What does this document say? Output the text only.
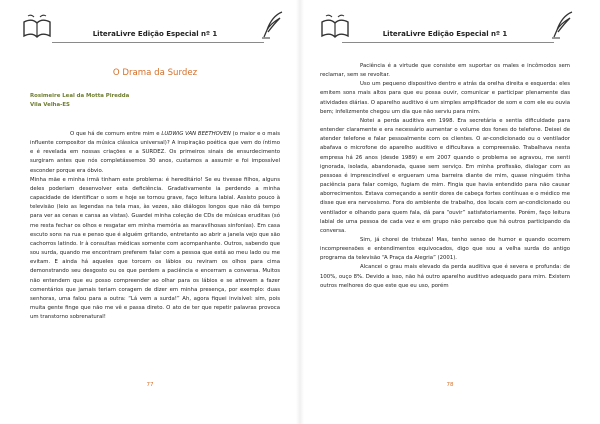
LiteraLivre Edição Especial nº 1
O Drama da Surdez
Rosimeire Leal da Motta Piredda
Vila Velha-ES

O que há de comum entre mim e LUDWIG VAN BEETHOVEN (o maior e o mais influente compositor da música clássica universal)? A inspiração poética que vem do íntimo e é revelada em nossas criações e a SURDEZ. Os primeiros sinais de ensurdecimento surgiram antes que nós completássemos 30 anos, custamos a assumir e foi impossível esconder porque era óbvio.

Minha mãe e minha irmã tinham este problema: é hereditário! Se eu tivesse filhos, alguns deles poderiam desenvolver esta deficiência. Gradativamente ia perdendo a minha capacidade de identificar o som e hoje se tornou grave, faço leitura labial. Assisto pouco à televisão (leio as legendas na tela mas, às vezes, são diálogos longos que não dá tempo para ver as cenas e cansa as vistas). Guardei minha coleção de CDs de músicas eruditas (só me resta fechar os olhos e resgatar em minha memória as maravilhosas sinfonias). Em casa escuto sons na rua e penso que é alguém gritando, entretanto ao abrir a janela vejo que são cachorros latindo. Ir à consultas médicas somente com acompanhante. Outros, sabendo que sou surda, quando me encontram preferem falar com a pessoa que está ao meu lado ou me evitam. E ainda há aqueles que torcem os lábios ou reviram os olhos para cima demonstrando seu desgosto ou os que perdem a paciência e encerram a conversa. Muitos não entendem que eu posso compreender ao olhar para os lábios e se atrevem a fazer comentários que jamais teriam coragem de dizer em minha presença, por exemplo: duas senhoras, uma falou para a outra: “Lá vem a surda!” Ah, agora fiquei invisível: sim, pois muita gente finge que não me vê e passa direto. O ato de ter que repetir palavras provoca um transtorno sobrenatural!

77
LiteraLivre Edição Especial nº 1

Paciência é a virtude que consiste em suportar os males e incômodos sem reclamar, sem se revoltar.

Uso um pequeno dispositivo dentro e atrás da orelha direita e esquerda: eles emitem sons mais altos para que eu possa ouvir, comunicar e participar plenamente das atividades diárias. O aparelho auditivo é um simples amplificador de som e com ele eu ouvia bem; infelizmente chegou um dia que não serviu para mim.

Notei a perda auditiva em 1998. Era secretária e sentia dificuldade para entender claramente e era necessário aumentar o volume dos fones do telefone. Deixei de atender telefone e falar pessoalmente com os clientes. O ar-condicionado ou o ventilador abafava o microfone do aparelho auditivo e dificultava a compreensão. Trabalhava nesta empresa há 26 anos (desde 1989) e em 2007 quando o problema se agravou, me senti ignorada, isolada, abandonada, quase sem serviço. Em minha profissão, dialogar com as pessoas é imprescindível e ergueram uma barreira diante de mim, quase ninguém tinha paciência para falar comigo, fugiam de mim. Fingia que havia entendido para não causar aborrecimentos. Estava começando a sentir dores de cabeça fortes contínuas e o médico me disse que era nervosismo. Fora do ambiente de trabalho, dos locais com ar-condicionado ou ventilador e olhando para quem fala, dá para “ouvir” satisfatoriamente. Porém, faço leitura labial de uma pessoa de cada vez e em grupo não percebo que há outros participando da conversa.

Sim, já chorei de tristeza! Mas, tenho senso de humor e quando ocorrem incompreensões e entendimentos equivocados, digo que sou a velha surda do antigo programa da televisão “A Praça da Alegria” (2001).

Alcancei o grau mais elevado da perda auditiva que é severa e profunda: de 100%, ouço 8%. Devido a isso, não há outro aparelho auditivo adequado para mim. Existem outros melhores do que este que eu uso, porém

78
